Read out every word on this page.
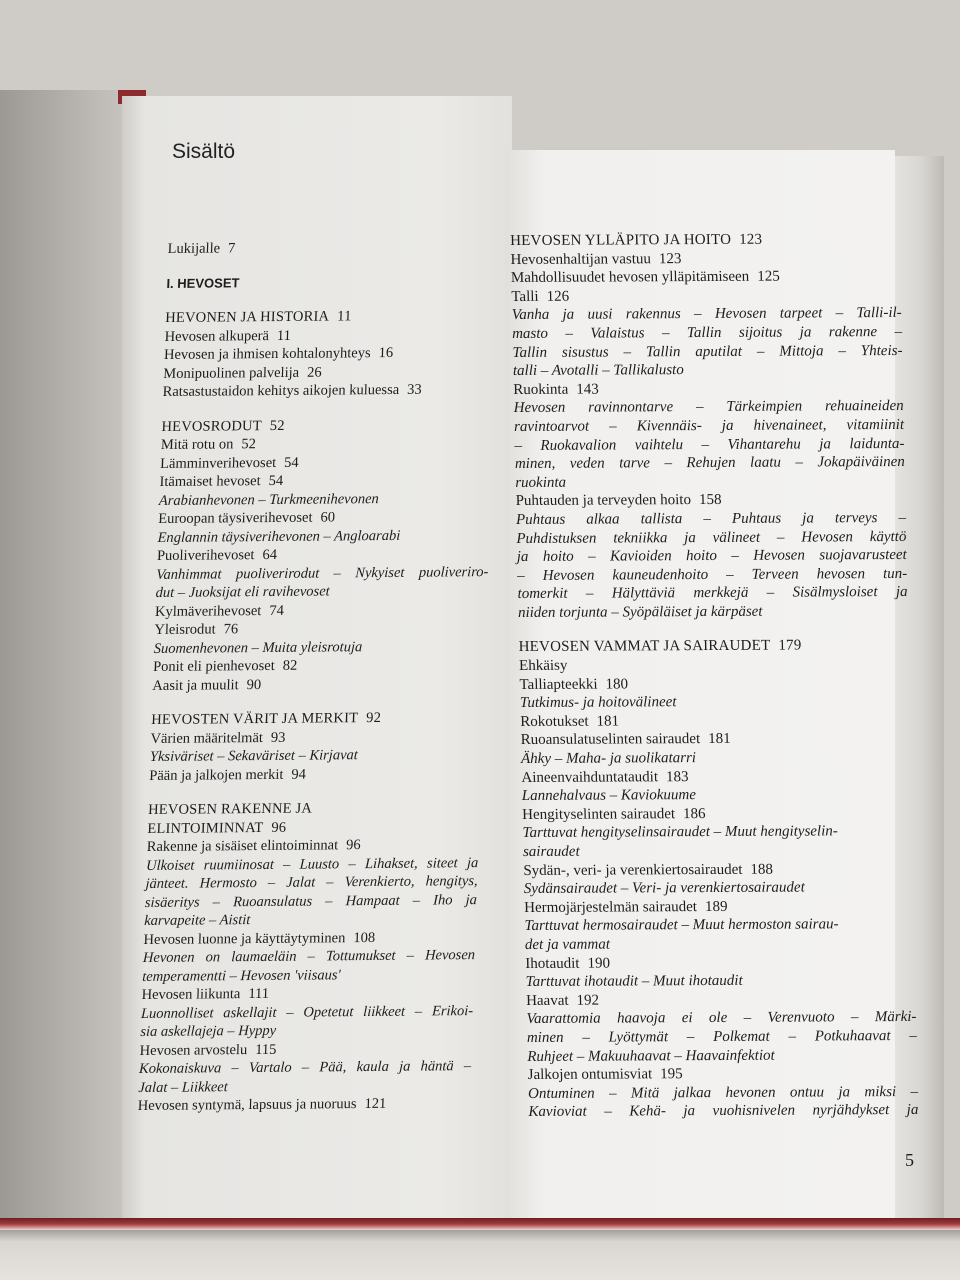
Sisältö
Lukijalle 7
I. HEVOSET
HEVONEN JA HISTORIA 11
Hevosen alkuperä 11
Hevosen ja ihmisen kohtalonyhteys 16
Monipuolinen palvelija 26
Ratsastustaidon kehitys aikojen kuluessa 33
HEVOSRODUT 52
Mitä rotu on 52
Lämminverihevoset 54
Itämaiset hevoset 54
Arabianhevonen – Turkmeenihevonen
Euroopan täysiverihevoset 60
Englannin täysiverihevonen – Angloarabi
Puoliverihevoset 64
Vanhimmat puoliverirodut – Nykyiset puoliveriro-
dut – Juoksijat eli ravihevoset
Kylmäverihevoset 74
Yleisrodut 76
Suomenhevonen – Muita yleisrotuja
Ponit eli pienhevoset 82
Aasit ja muulit 90
HEVOSTEN VÄRIT JA MERKIT 92
Värien määritelmät 93
Yksiväriset – Sekaväriset – Kirjavat
Pään ja jalkojen merkit 94
HEVOSEN RAKENNE JA
ELINTOIMINNAT 96
Rakenne ja sisäiset elintoiminnat 96
Ulkoiset ruumiinosat – Luusto – Lihakset, siteet ja
jänteet. Hermosto – Jalat – Verenkierto, hengitys,
sisäeritys – Ruoansulatus – Hampaat – Iho ja
karvapeite – Aistit
Hevosen luonne ja käyttäytyminen 108
Hevonen on laumaeläin – Tottumukset – Hevosen
temperamentti – Hevosen 'viisaus'
Hevosen liikunta 111
Luonnolliset askellajit – Opetetut liikkeet – Erikoi-
sia askellajeja – Hyppy
Hevosen arvostelu 115
Kokonaiskuva – Vartalo – Pää, kaula ja häntä –
Jalat – Liikkeet
Hevosen syntymä, lapsuus ja nuoruus 121
HEVOSEN YLLÄPITO JA HOITO 123
Hevosenhaltijan vastuu 123
Mahdollisuudet hevosen ylläpitämiseen 125
Talli 126
Vanha ja uusi rakennus – Hevosen tarpeet – Talli-il-
masto – Valaistus – Tallin sijoitus ja rakenne –
Tallin sisustus – Tallin aputilat – Mittoja – Yhteis-
talli – Avotalli – Tallikalusto
Ruokinta 143
Hevosen ravinnontarve – Tärkeimpien rehuaineiden
ravintoarvot – Kivennäis- ja hivenaineet, vitamiinit
– Ruokavalion vaihtelu – Vihantarehu ja laidunta-
minen, veden tarve – Rehujen laatu – Jokapäiväinen
ruokinta
Puhtauden ja terveyden hoito 158
Puhtaus alkaa tallista – Puhtaus ja terveys –
Puhdistuksen tekniikka ja välineet – Hevosen käyttö
ja hoito – Kavioiden hoito – Hevosen suojavarusteet
– Hevosen kauneudenhoito – Terveen hevosen tun-
tomerkit – Hälyttäviä merkkejä – Sisälmysloiset ja
niiden torjunta – Syöpäläiset ja kärpäset
HEVOSEN VAMMAT JA SAIRAUDET 179
Ehkäisy
Talliapteekki 180
Tutkimus- ja hoitovälineet
Rokotukset 181
Ruoansulatuselinten sairaudet 181
Ähky – Maha- ja suolikatarri
Aineenvaihduntataudit 183
Lannehalvaus – Kaviokuume
Hengityselinten sairaudet 186
Tarttuvat hengityselinsairaudet – Muut hengityselin-
sairaudet
Sydän-, veri- ja verenkiertosairaudet 188
Sydänsairaudet – Veri- ja verenkiertosairaudet
Hermojärjestelmän sairaudet 189
Tarttuvat hermosairaudet – Muut hermoston sairau-
det ja vammat
Ihotaudit 190
Tarttuvat ihotaudit – Muut ihotaudit
Haavat 192
Vaarattomia haavoja ei ole – Verenvuoto – Märki-
minen – Lyöttymät – Polkemat – Potkuhaavat –
Ruhjeet – Makuuhaavat – Haavainfektiot
Jalkojen ontumisviat 195
Ontuminen – Mitä jalkaa hevonen ontuu ja miksi –
Kavioviat – Kehä- ja vuohisnivelen nyrjähdykset ja
5
